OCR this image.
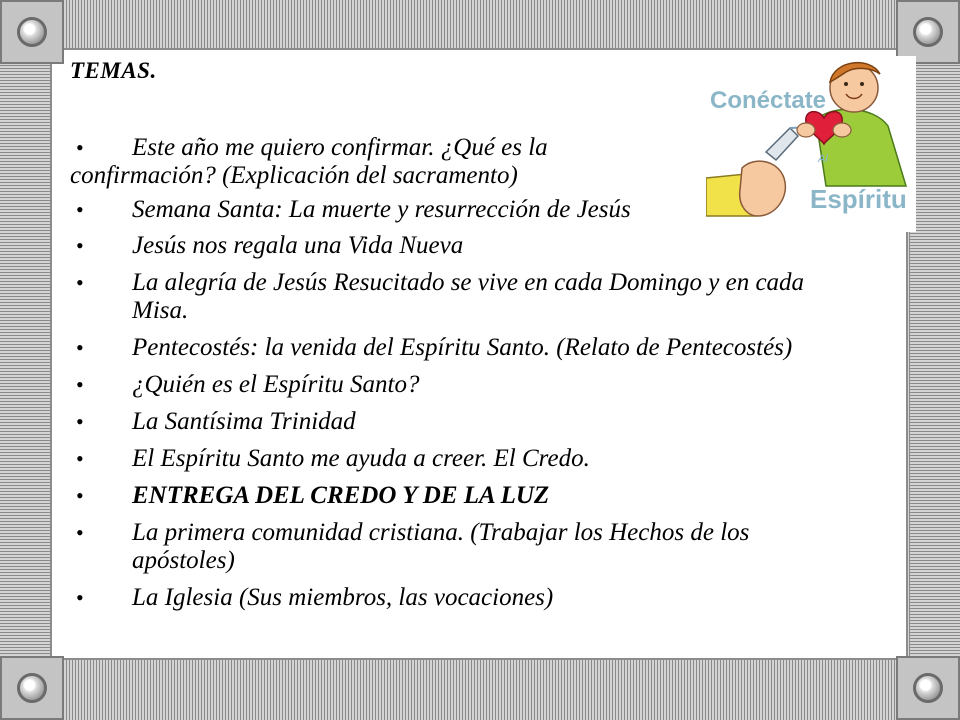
TEMAS.
•	Este año me quiero confirmar. ¿Qué es la confirmación? (Explicación del sacramento)
•	Semana Santa: La muerte y resurrección de Jesús
•	Jesús nos regala una Vida Nueva
•	La alegría de Jesús Resucitado se vive en cada Domingo y en cada Misa.
•	Pentecostés: la venida del Espíritu Santo. (Relato de Pentecostés)
•	¿Quién es el Espíritu Santo?
•	La Santísima Trinidad
•	El Espíritu Santo me ayuda a creer. El Credo.
•	ENTREGA DEL CREDO Y DE LA LUZ
•	La primera comunidad cristiana. (Trabajar los Hechos de los apóstoles)
•	La Iglesia (Sus miembros, las vocaciones)
Conéctate
Al
Espíritu
